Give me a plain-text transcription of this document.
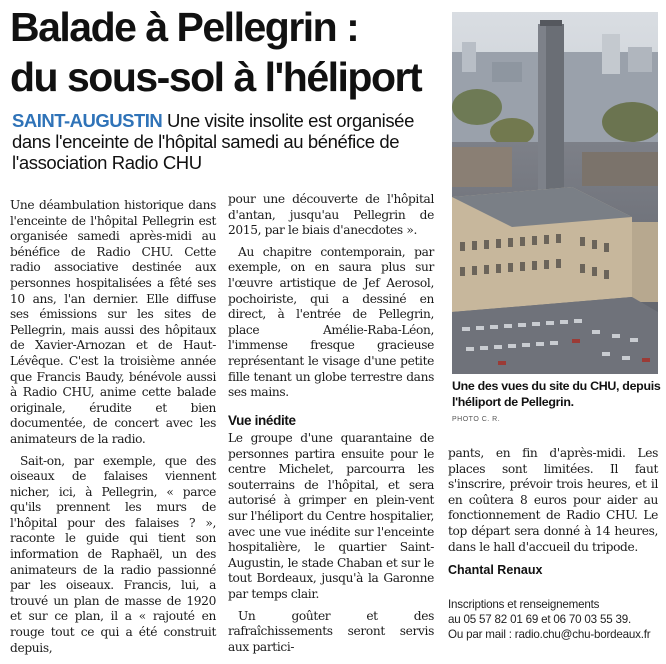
Balade à Pellegrin :
du sous-sol à l'héliport
SAINT-AUGUSTIN Une visite insolite est organisée dans l'enceinte de l'hôpital samedi au bénéfice de l'association Radio CHU

Une déambulation historique dans l'enceinte de l'hôpital Pellegrin est organisée samedi après-midi au bénéfice de Radio CHU. Cette radio associative destinée aux personnes hospitalisées a fêté ses 10 ans, l'an dernier. Elle diffuse ses émissions sur les sites de Pellegrin, mais aussi des hôpitaux de Xavier-Arnozan et de Haut-Lévêque. C'est la troisième année que Francis Baudy, bénévole aussi à Radio CHU, anime cette balade originale, érudite et bien documentée, de concert avec les animateurs de la radio.

Sait-on, par exemple, que des oiseaux de falaises viennent nicher, ici, à Pellegrin, « parce qu'ils prennent les murs de l'hôpital pour des falaises ? », raconte le guide qui tient son information de Raphaël, un des animateurs de la radio passionné par les oiseaux. Francis, lui, a trouvé un plan de masse de 1920 et sur ce plan, il a « rajouté en rouge tout ce qui a été construit depuis,

pour une découverte de l'hôpital d'antan, jusqu'au Pellegrin de 2015, par le biais d'anecdotes ».

Au chapitre contemporain, par exemple, on en saura plus sur l'œuvre artistique de Jef Aerosol, pochoiriste, qui a dessiné en direct, à l'entrée de Pellegrin, place Amélie-Raba-Léon, l'immense fresque gracieuse représentant le visage d'une petite fille tenant un globe terrestre dans ses mains.

Vue inédite

Le groupe d'une quarantaine de personnes partira ensuite pour le centre Michelet, parcourra les souterrains de l'hôpital, et sera autorisé à grimper en plein-vent sur l'héliport du Centre hospitalier, avec une vue inédite sur l'enceinte hospitalière, le quartier Saint-Augustin, le stade Chaban et sur le tout Bordeaux, jusqu'à la Garonne par temps clair.

Un goûter et des rafraîchissements seront servis aux partici-

pants, en fin d'après-midi. Les places sont limitées. Il faut s'inscrire, prévoir trois heures, et il en coûtera 8 euros pour aider au fonctionnement de Radio CHU. Le top départ sera donné à 14 heures, dans le hall d'accueil du tripode.

Chantal Renaux
Inscriptions et renseignements
au 05 57 82 01 69 et 06 70 03 55 39.
Ou par mail : radio.chu@chu-bordeaux.fr
Une des vues du site du CHU, depuis l'héliport de Pellegrin.
PHOTO C. R.
